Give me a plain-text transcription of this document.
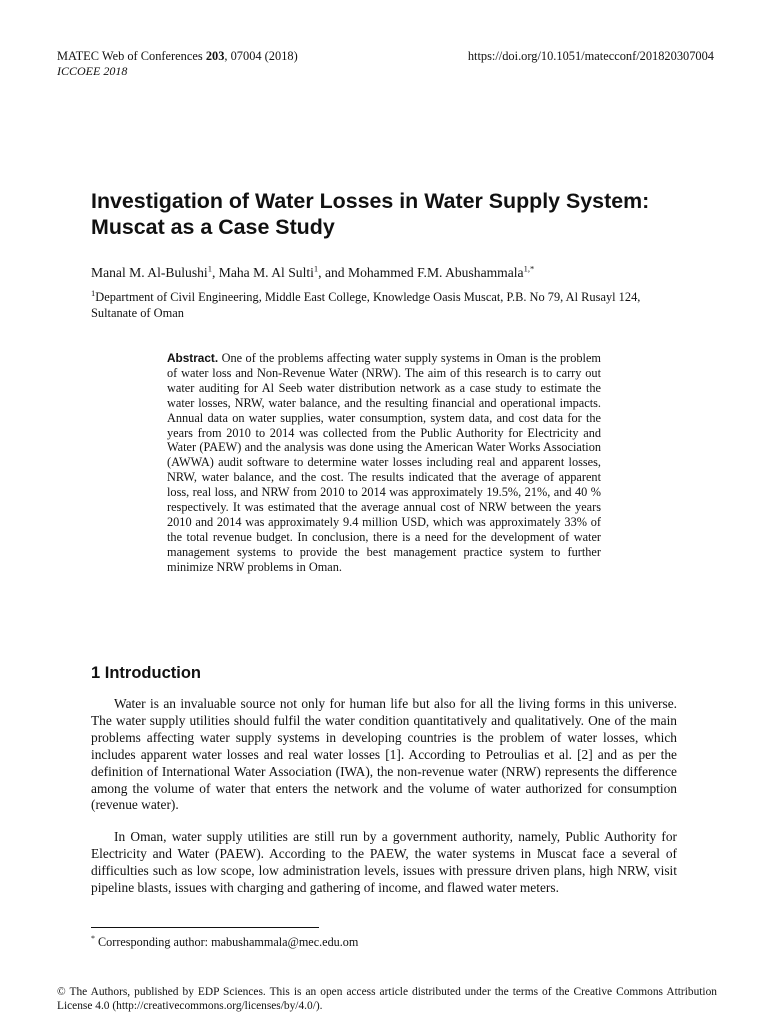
MATEC Web of Conferences 203, 07004 (2018)	https://doi.org/10.1051/matecconf/201820307004
ICCOEE 2018
Investigation of Water Losses in Water Supply System: Muscat as a Case Study
Manal M. Al-Bulushi$^1$, Maha M. Al Sulti$^1$, and Mohammed F.M. Abushammala$^{1,*}$
$^1$Department of Civil Engineering, Middle East College, Knowledge Oasis Muscat, P.B. No 79, Al Rusayl 124, Sultanate of Oman

Abstract. One of the problems affecting water supply systems in Oman is the problem of water loss and Non-Revenue Water (NRW). The aim of this research is to carry out water auditing for Al Seeb water distribution network as a case study to estimate the water losses, NRW, water balance, and the resulting financial and operational impacts. Annual data on water supplies, water consumption, system data, and cost data for the years from 2010 to 2014 was collected from the Public Authority for Electricity and Water (PAEW) and the analysis was done using the American Water Works Association (AWWA) audit software to determine water losses including real and apparent losses, NRW, water balance, and the cost. The results indicated that the average of apparent loss, real loss, and NRW from 2010 to 2014 was approximately 19.5%, 21%, and 40 % respectively. It was estimated that the average annual cost of NRW between the years 2010 and 2014 was approximately 9.4 million USD, which was approximately 33% of the total revenue budget. In conclusion, there is a need for the development of water management systems to provide the best management practice system to further minimize NRW problems in Oman.

1 Introduction

Water is an invaluable source not only for human life but also for all the living forms in this universe. The water supply utilities should fulfil the water condition quantitatively and qualitatively. One of the main problems affecting water supply systems in developing countries is the problem of water losses, which includes apparent water losses and real water losses [1]. According to Petroulias et al. [2] and as per the definition of International Water Association (IWA), the non-revenue water (NRW) represents the difference among the volume of water that enters the network and the volume of water authorized for consumption (revenue water).

In Oman, water supply utilities are still run by a government authority, namely, Public Authority for Electricity and Water (PAEW). According to the PAEW, the water systems in Muscat face a several of difficulties such as low scope, low administration levels, issues with pressure driven plans, high NRW, visit pipeline blasts, issues with charging and gathering of income, and flawed water meters.

* Corresponding author: mabushammala@mec.edu.om
© The Authors, published by EDP Sciences. This is an open access article distributed under the terms of the Creative Commons Attribution License 4.0 (http://creativecommons.org/licenses/by/4.0/).
